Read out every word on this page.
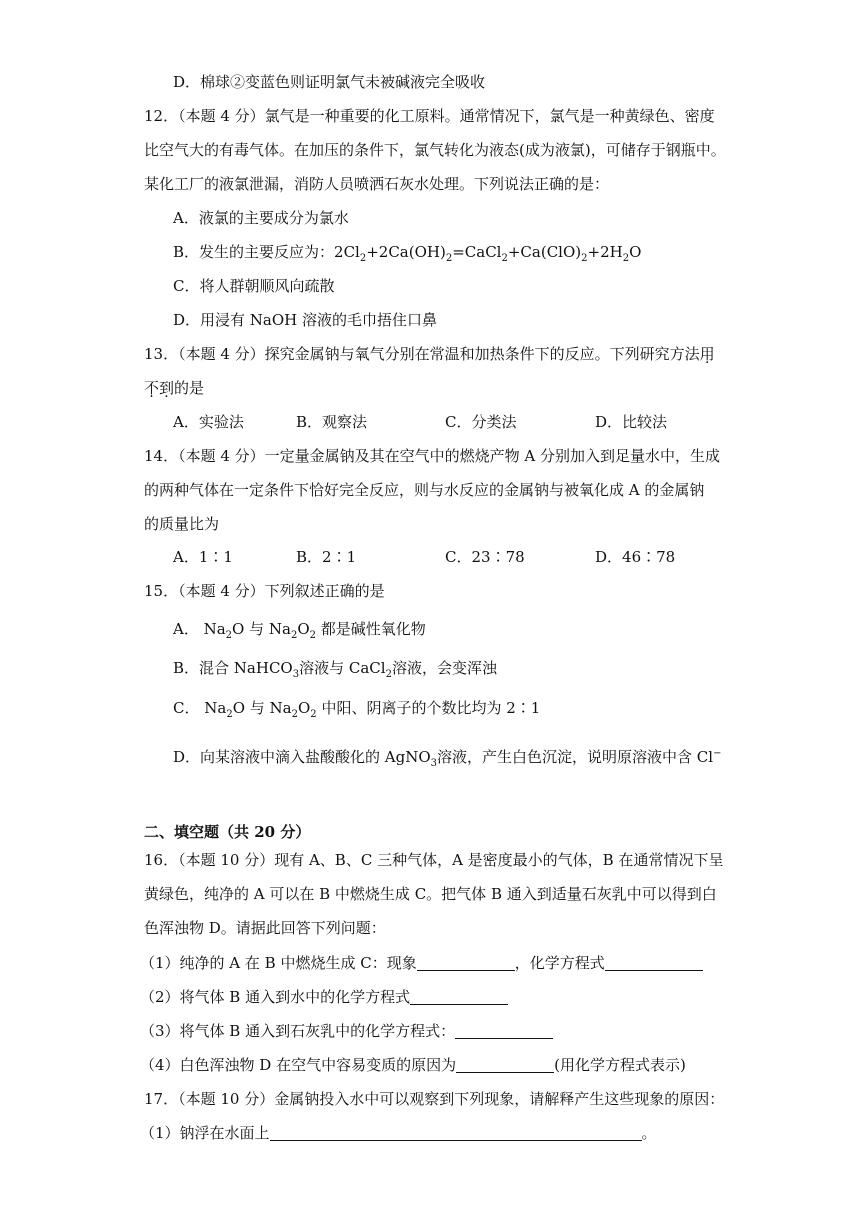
D．棉球②变蓝色则证明氯气未被碱液完全吸收
12．（本题 4 分）氯气是一种重要的化工原料。通常情况下，氯气是一种黄绿色、密度
比空气大的有毒气体。在加压的条件下，氯气转化为液态(成为液氯)，可储存于钢瓶中。
某化工厂的液氯泄漏，消防人员喷洒石灰水处理。下列说法正确的是：
A．液氯的主要成分为氯水
B．发生的主要反应为：$2Cl_2+2Ca(OH)_2=CaCl_2+Ca(ClO)_2+2H_2O$
C．将人群朝顺风向疏散
D．用浸有 NaOH 溶液的毛巾捂住口鼻
13．（本题 4 分）探究金属钠与氧气分别在常温和加热条件下的反应。下列研究方法用
不到的是
A．实验法	B．观察法	C．分类法	D．比较法
14．（本题 4 分）一定量金属钠及其在空气中的燃烧产物 A 分别加入到足量水中，生成
的两种气体在一定条件下恰好完全反应，则与水反应的金属钠与被氧化成 A 的金属钠
的质量比为
A．1∶1	B．2∶1	C．23∶78	D．46∶78
15．（本题 4 分）下列叙述正确的是
A． $Na_2O$ 与 $Na_2O_2$ 都是碱性氧化物
B．混合 NaHCO$_3$溶液与 CaCl$_2$溶液，会变浑浊
C． $Na_2O$ 与 $Na_2O_2$ 中阳、阴离子的个数比均为 2∶1
D．向某溶液中滴入盐酸酸化的 AgNO$_3$溶液，产生白色沉淀，说明原溶液中含 Cl−
二、填空题（共 20 分）
16．（本题 10 分）现有 A、B、C 三种气体，A 是密度最小的气体，B 在通常情况下呈
黄绿色，纯净的 A 可以在 B 中燃烧生成 C。把气体 B 通入到适量石灰乳中可以得到白
色浑浊物 D。请据此回答下列问题：
（1）纯净的 A 在 B 中燃烧生成 C：现象	，化学方程式
（2）将气体 B 通入到水中的化学方程式
（3）将气体 B 通入到石灰乳中的化学方程式：
（4）白色浑浊物 D 在空气中容易变质的原因为	(用化学方程式表示)
17．（本题 10 分）金属钠投入水中可以观察到下列现象，请解释产生这些现象的原因：
（1）钠浮在水面上	。
